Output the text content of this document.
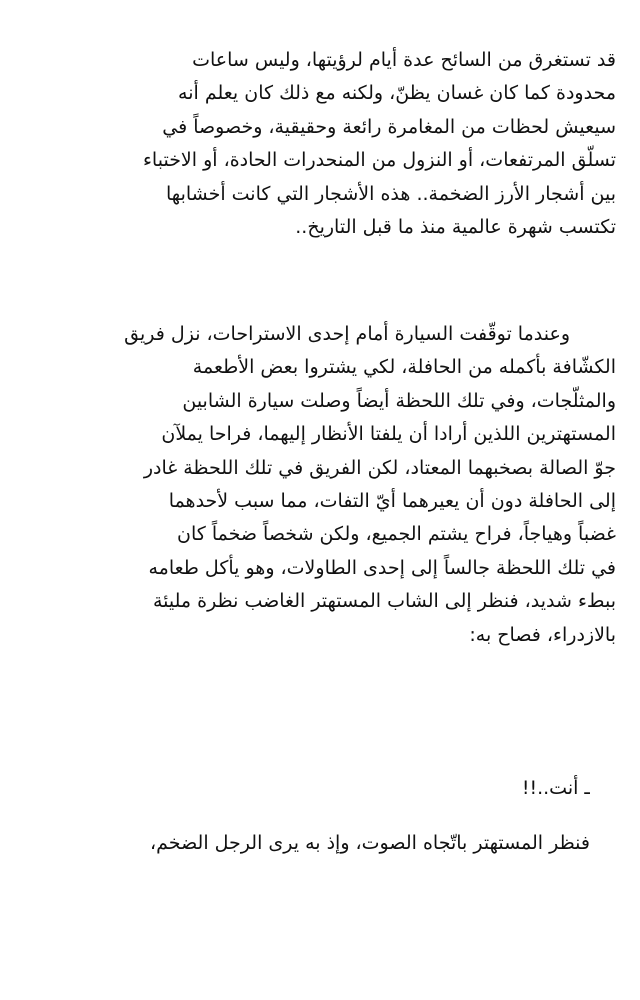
قد تستغرق من السائح عدة أيام لرؤيتها، وليس ساعات
محدودة كما كان غسان يظنّ، ولكنه مع ذلك كان يعلم أنه
سيعيش لحظات من المغامرة رائعة وحقيقية، وخصوصاً في
تسلّق المرتفعات، أو النزول من المنحدرات الحادة، أو الاختباء
بين أشجار الأرز الضخمة.. هذه الأشجار التي كانت أخشابها
تكتسب شهرة عالمية منذ ما قبل التاريخ..
وعندما توقّفت السيارة أمام إحدى الاستراحات، نزل فريق
الكشّافة بأكمله من الحافلة، لكي يشتروا بعض الأطعمة
والمثلّجات، وفي تلك اللحظة أيضاً وصلت سيارة الشابين
المستهترين اللذين أرادا أن يلفتا الأنظار إليهما، فراحا يملآن
جوّ الصالة بصخبهما المعتاد، لكن الفريق في تلك اللحظة غادر
إلى الحافلة دون أن يعيرهما أيّ التفات، مما سبب لأحدهما
غضباً وهياجاً، فراح يشتم الجميع، ولكن شخصاً ضخماً كان
في تلك اللحظة جالساً إلى إحدى الطاولات، وهو يأكل طعامه
ببطء شديد، فنظر إلى الشاب المستهتر الغاضب نظرة مليئة
بالازدراء، فصاح به:
ـ أنت..!!
فنظر المستهتر باتّجاه الصوت، وإذ به يرى الرجل الضخم،
